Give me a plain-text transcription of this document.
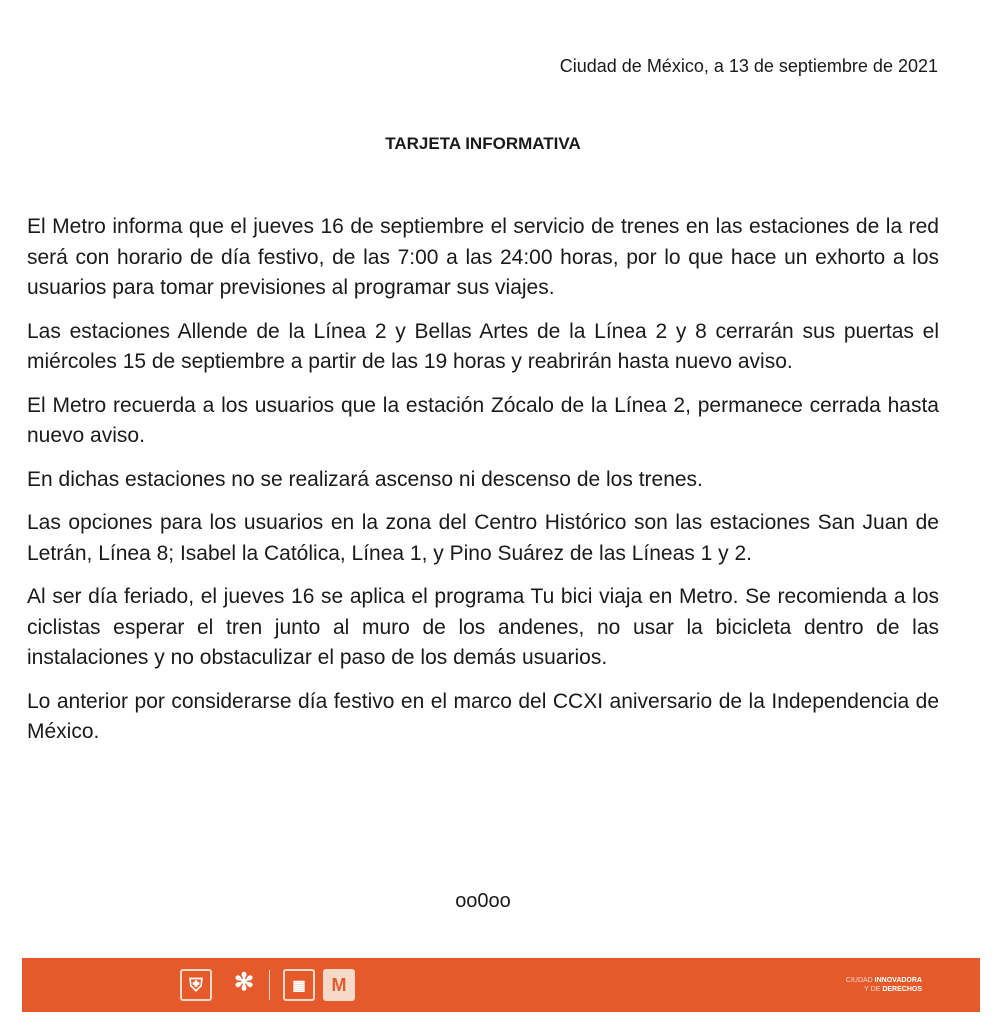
Ciudad de México, a 13 de septiembre de 2021
TARJETA INFORMATIVA

El Metro informa que el jueves 16 de septiembre el servicio de trenes en las estaciones de la red será con horario de día festivo, de las 7:00 a las 24:00 horas, por lo que hace un exhorto a los usuarios para tomar previsiones al programar sus viajes.

Las estaciones Allende de la Línea 2 y Bellas Artes de la Línea 2 y 8 cerrarán sus puertas el miércoles 15 de septiembre a partir de las 19 horas y reabrirán hasta nuevo aviso.

El Metro recuerda a los usuarios que la estación Zócalo de la Línea 2, permanece cerrada hasta nuevo aviso.

En dichas estaciones no se realizará ascenso ni descenso de los trenes.

Las opciones para los usuarios en la zona del Centro Histórico son las estaciones San Juan de Letrán, Línea 8; Isabel la Católica, Línea 1, y Pino Suárez de las Líneas 1 y 2.

Al ser día feriado, el jueves 16 se aplica el programa Tu bici viaja en Metro. Se recomienda a los ciclistas esperar el tren junto al muro de los andenes, no usar la bicicleta dentro de las instalaciones y no obstaculizar el paso de los demás usuarios.

Lo anterior por considerarse día festivo en el marco del CCXI aniversario de la Independencia de México.

oo0oo
⛨	✻	▦	M	CIUDAD INNOVADORA
Y DE DERECHOS
